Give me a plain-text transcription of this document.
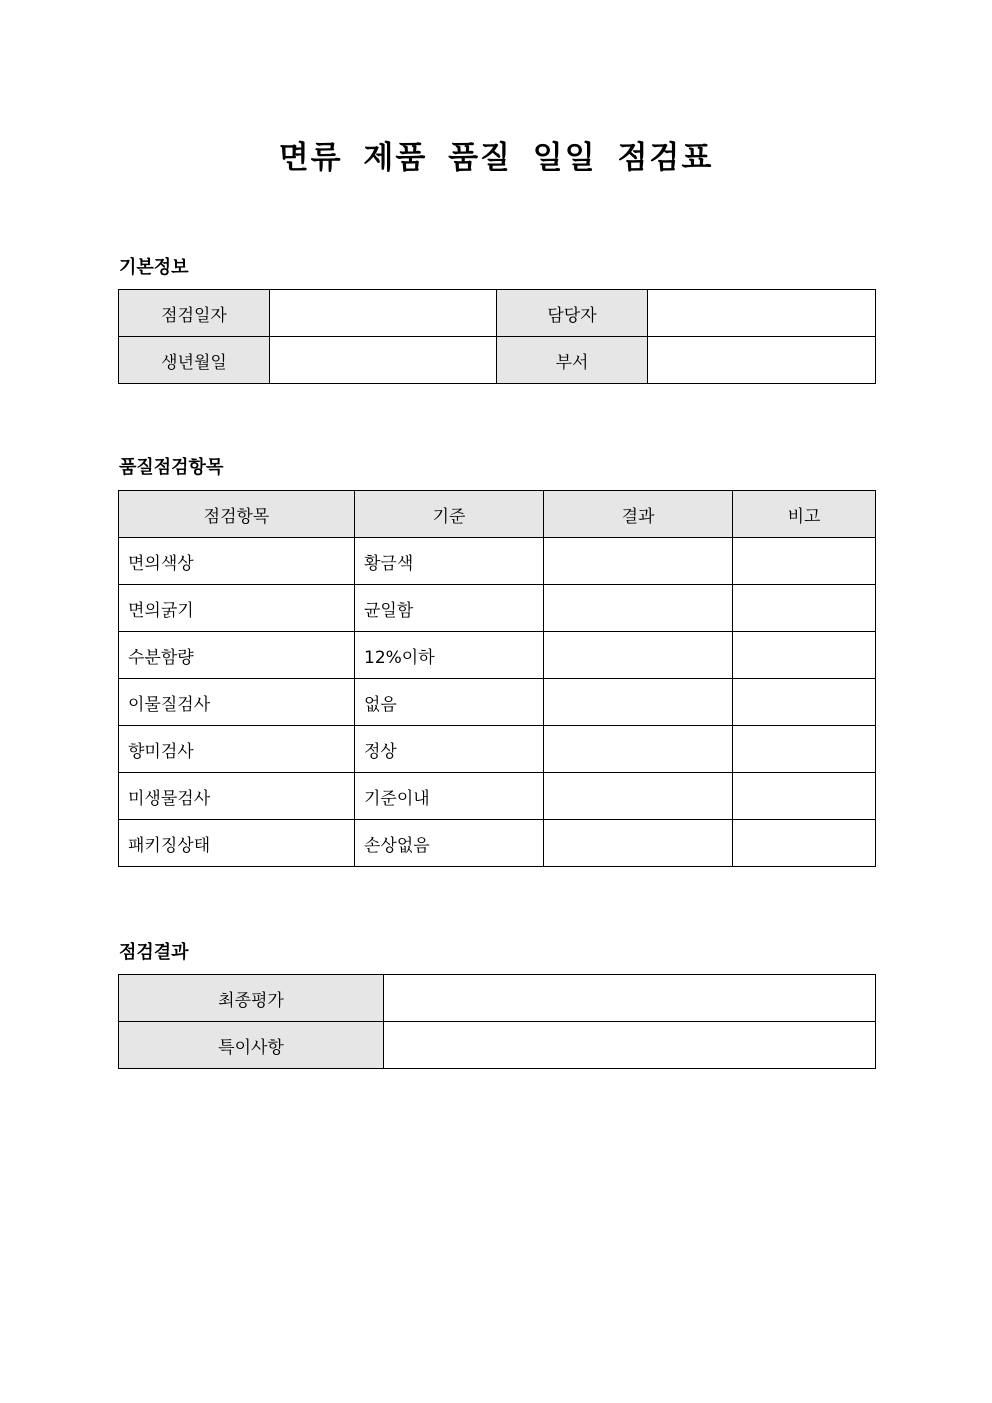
면류 제품 품질 일일 점검표
기본정보
점검일자		담당자	
생년월일		부서	
품질점검항목
점검항목	기준	결과	비고
면의색상	황금색		
면의굵기	균일함		
수분함량	12%이하		
이물질검사	없음		
향미검사	정상		
미생물검사	기준이내		
패키징상태	손상없음		
점검결과
최종평가	
특이사항	
